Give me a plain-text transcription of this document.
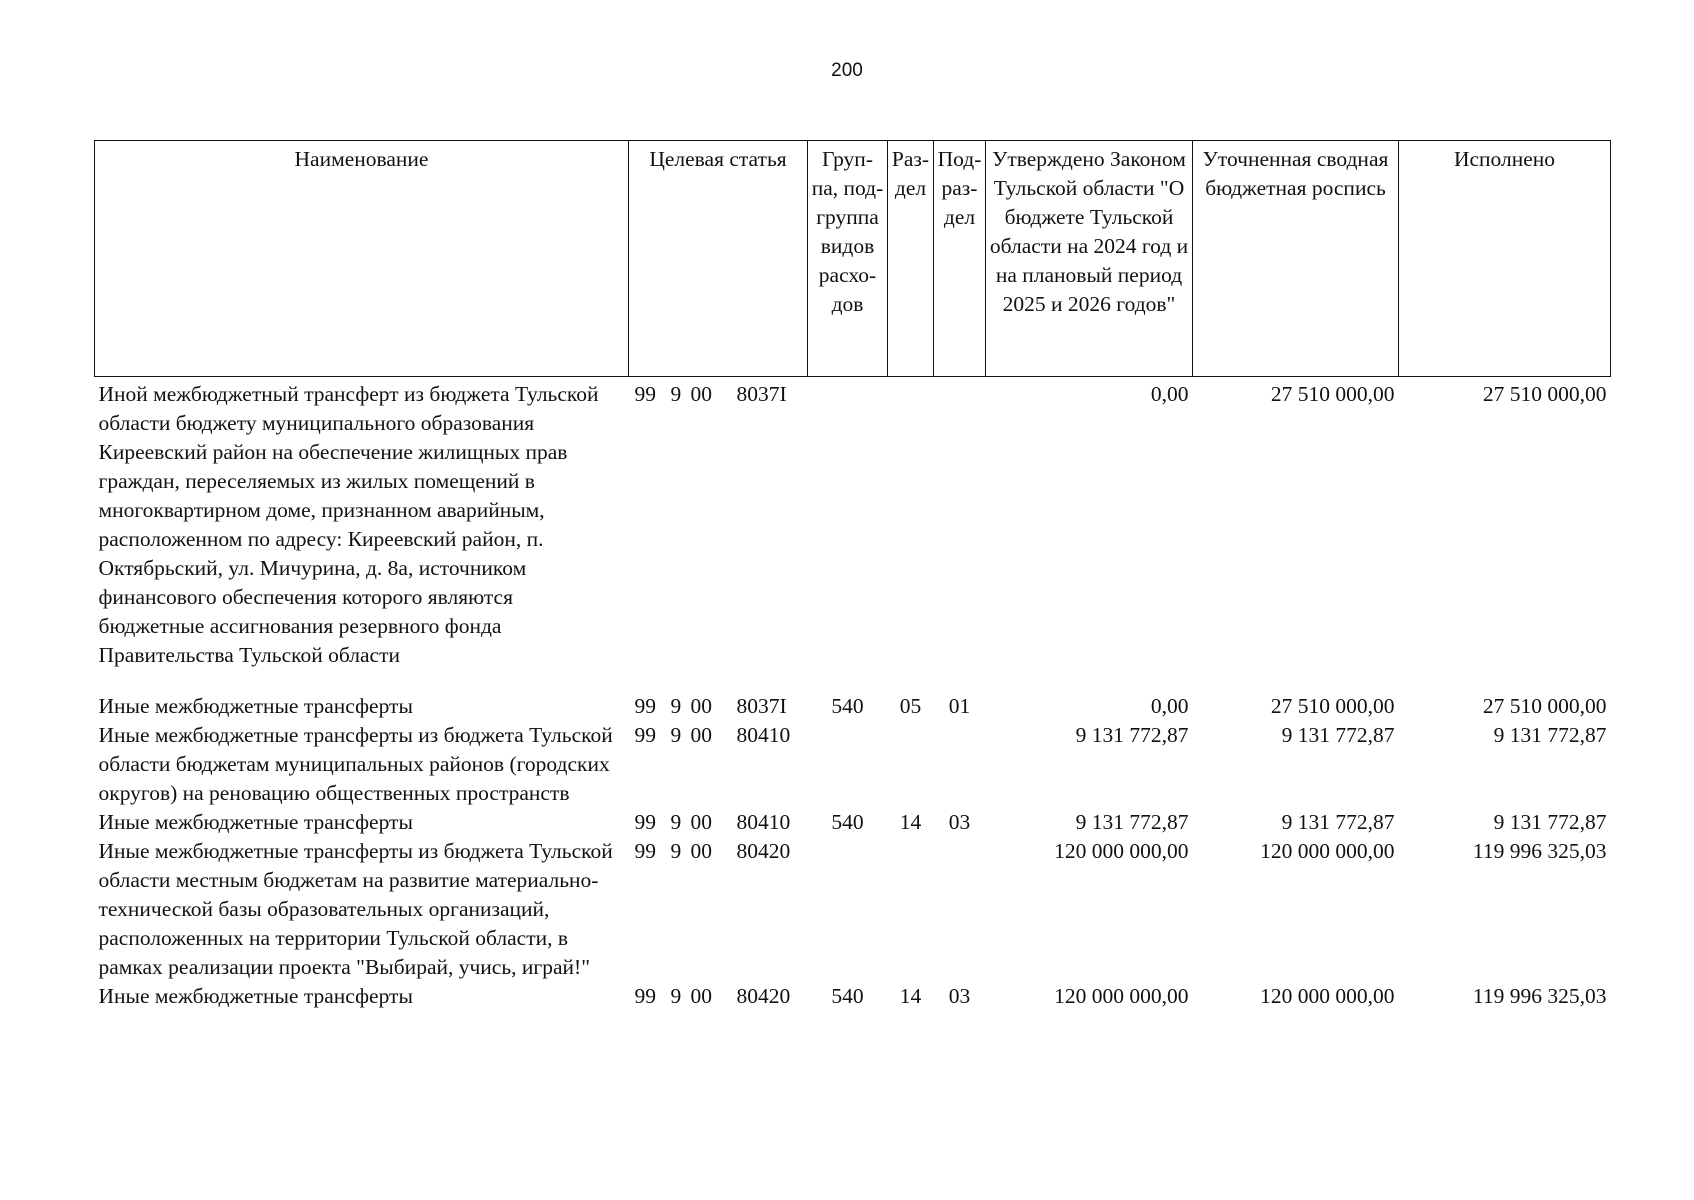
200
Наименование	Целевая статья	Груп-па, под-группа видов расхо-дов	Раз-дел	Под-раз-дел	Утверждено Законом Тульской области "О бюджете Тульской области на 2024 год и на плановый период 2025 и 2026 годов"	Уточненная сводная бюджетная роспись	Исполнено
Иной межбюджетный трансферт из бюджета Тульской области бюджету муниципального образования Киреевский район на обеспечение жилищных прав граждан, переселяемых из жилых помещений в многоквартирном доме, признанном аварийным, расположенном по адресу: Киреевский район, п. Октябрьский, ул. Мичурина, д. 8а, источником финансового обеспечения которого являются бюджетные ассигнования резервного фонда Правительства Тульской области	99 9 00 8037I				0,00	27 510 000,00	27 510 000,00
Иные межбюджетные трансферты	99 9 00 8037I	540	05	01	0,00	27 510 000,00	27 510 000,00
Иные межбюджетные трансферты из бюджета Тульской области бюджетам муниципальных районов (городских округов) на реновацию общественных пространств	99 9 00 80410				9 131 772,87	9 131 772,87	9 131 772,87
Иные межбюджетные трансферты	99 9 00 80410	540	14	03	9 131 772,87	9 131 772,87	9 131 772,87
Иные межбюджетные трансферты из бюджета Тульской области местным бюджетам на развитие материально-технической базы образовательных организаций, расположенных на территории Тульской области, в рамках реализации проекта "Выбирай, учись, играй!"	99 9 00 80420				120 000 000,00	120 000 000,00	119 996 325,03
Иные межбюджетные трансферты	99 9 00 80420	540	14	03	120 000 000,00	120 000 000,00	119 996 325,03
